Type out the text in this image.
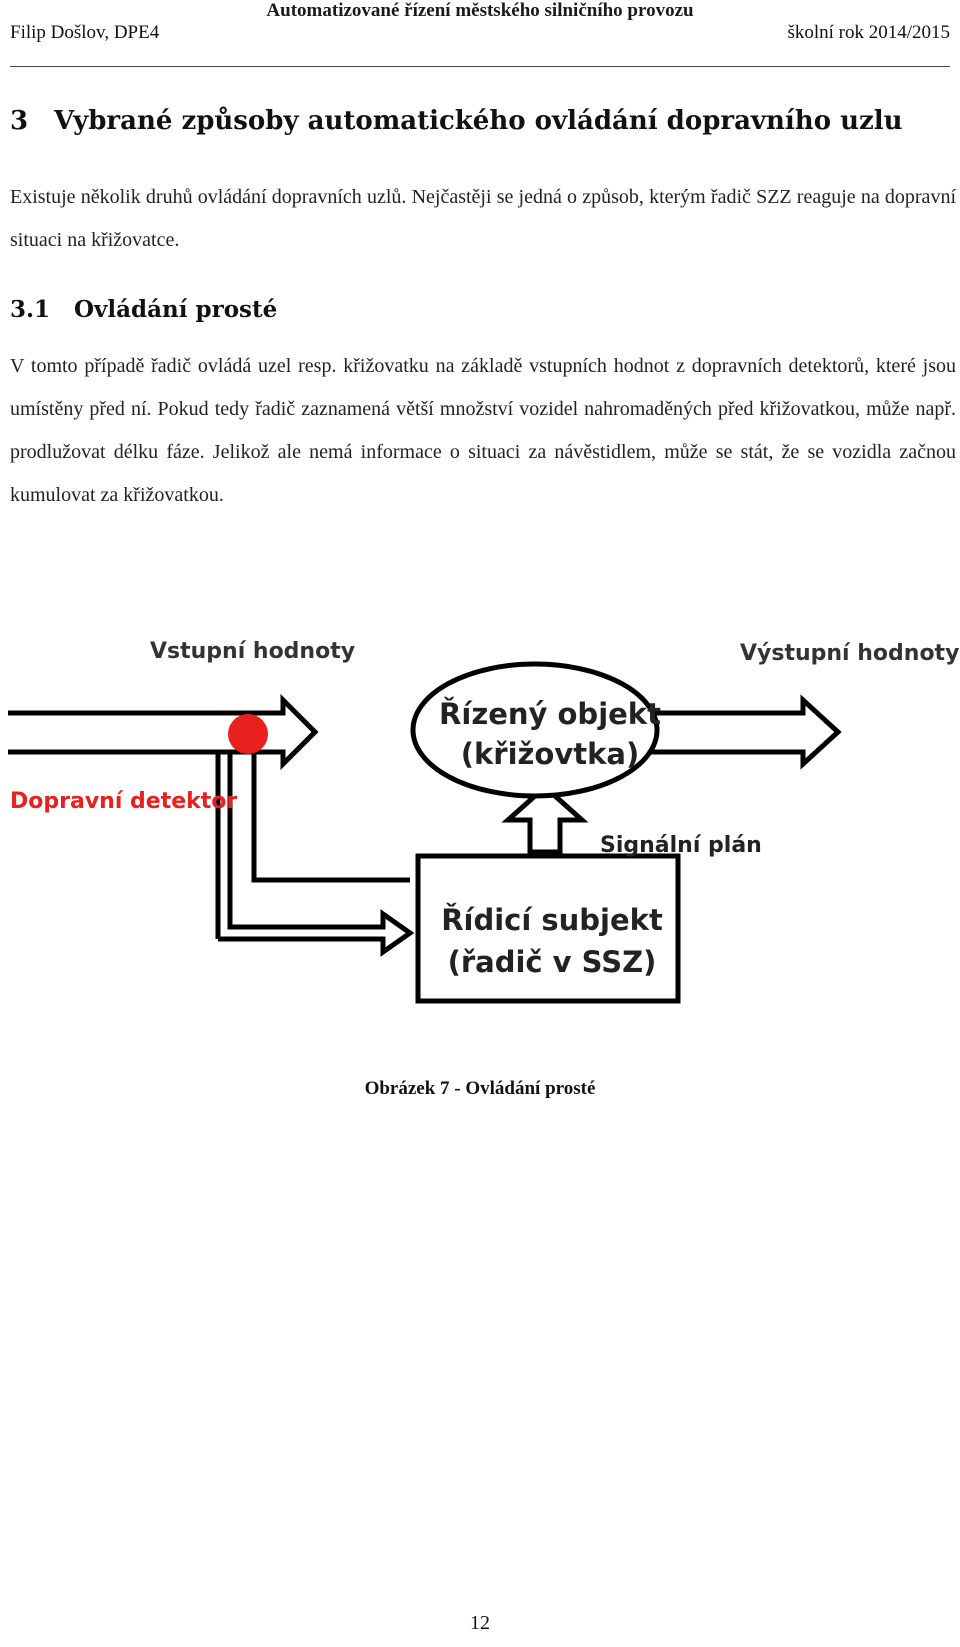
Automatizované řízení městského silničního provozu
Filip Došlov, DPE4	školní rok 2014/2015
3 Vybrané způsoby automatického ovládání dopravního uzlu

Existuje několik druhů ovládání dopravních uzlů. Nejčastěji se jedná o způsob, kterým řadič SZZ reaguje na dopravní situaci na křižovatce.

3.1 Ovládání prosté

V tomto případě řadič ovládá uzel resp. křižovatku na základě vstupních hodnot z dopravních detektorů, které jsou umístěny před ní. Pokud tedy řadič zaznamená větší množství vozidel nahromaděných před křižovatkou, může např. prodlužovat délku fáze. Jelikož ale nemá informace o situaci za návěstidlem, může se stát, že se vozidla začnou kumulovat za křižovatkou.

Vstupní hodnoty	Výstupní hodnoty
Dopravní detektor
Řízený objekt
(křižovtka)
Signální plán
Řídicí subjekt
(řadič v SSZ)
Obrázek 7 - Ovládání prosté
12
